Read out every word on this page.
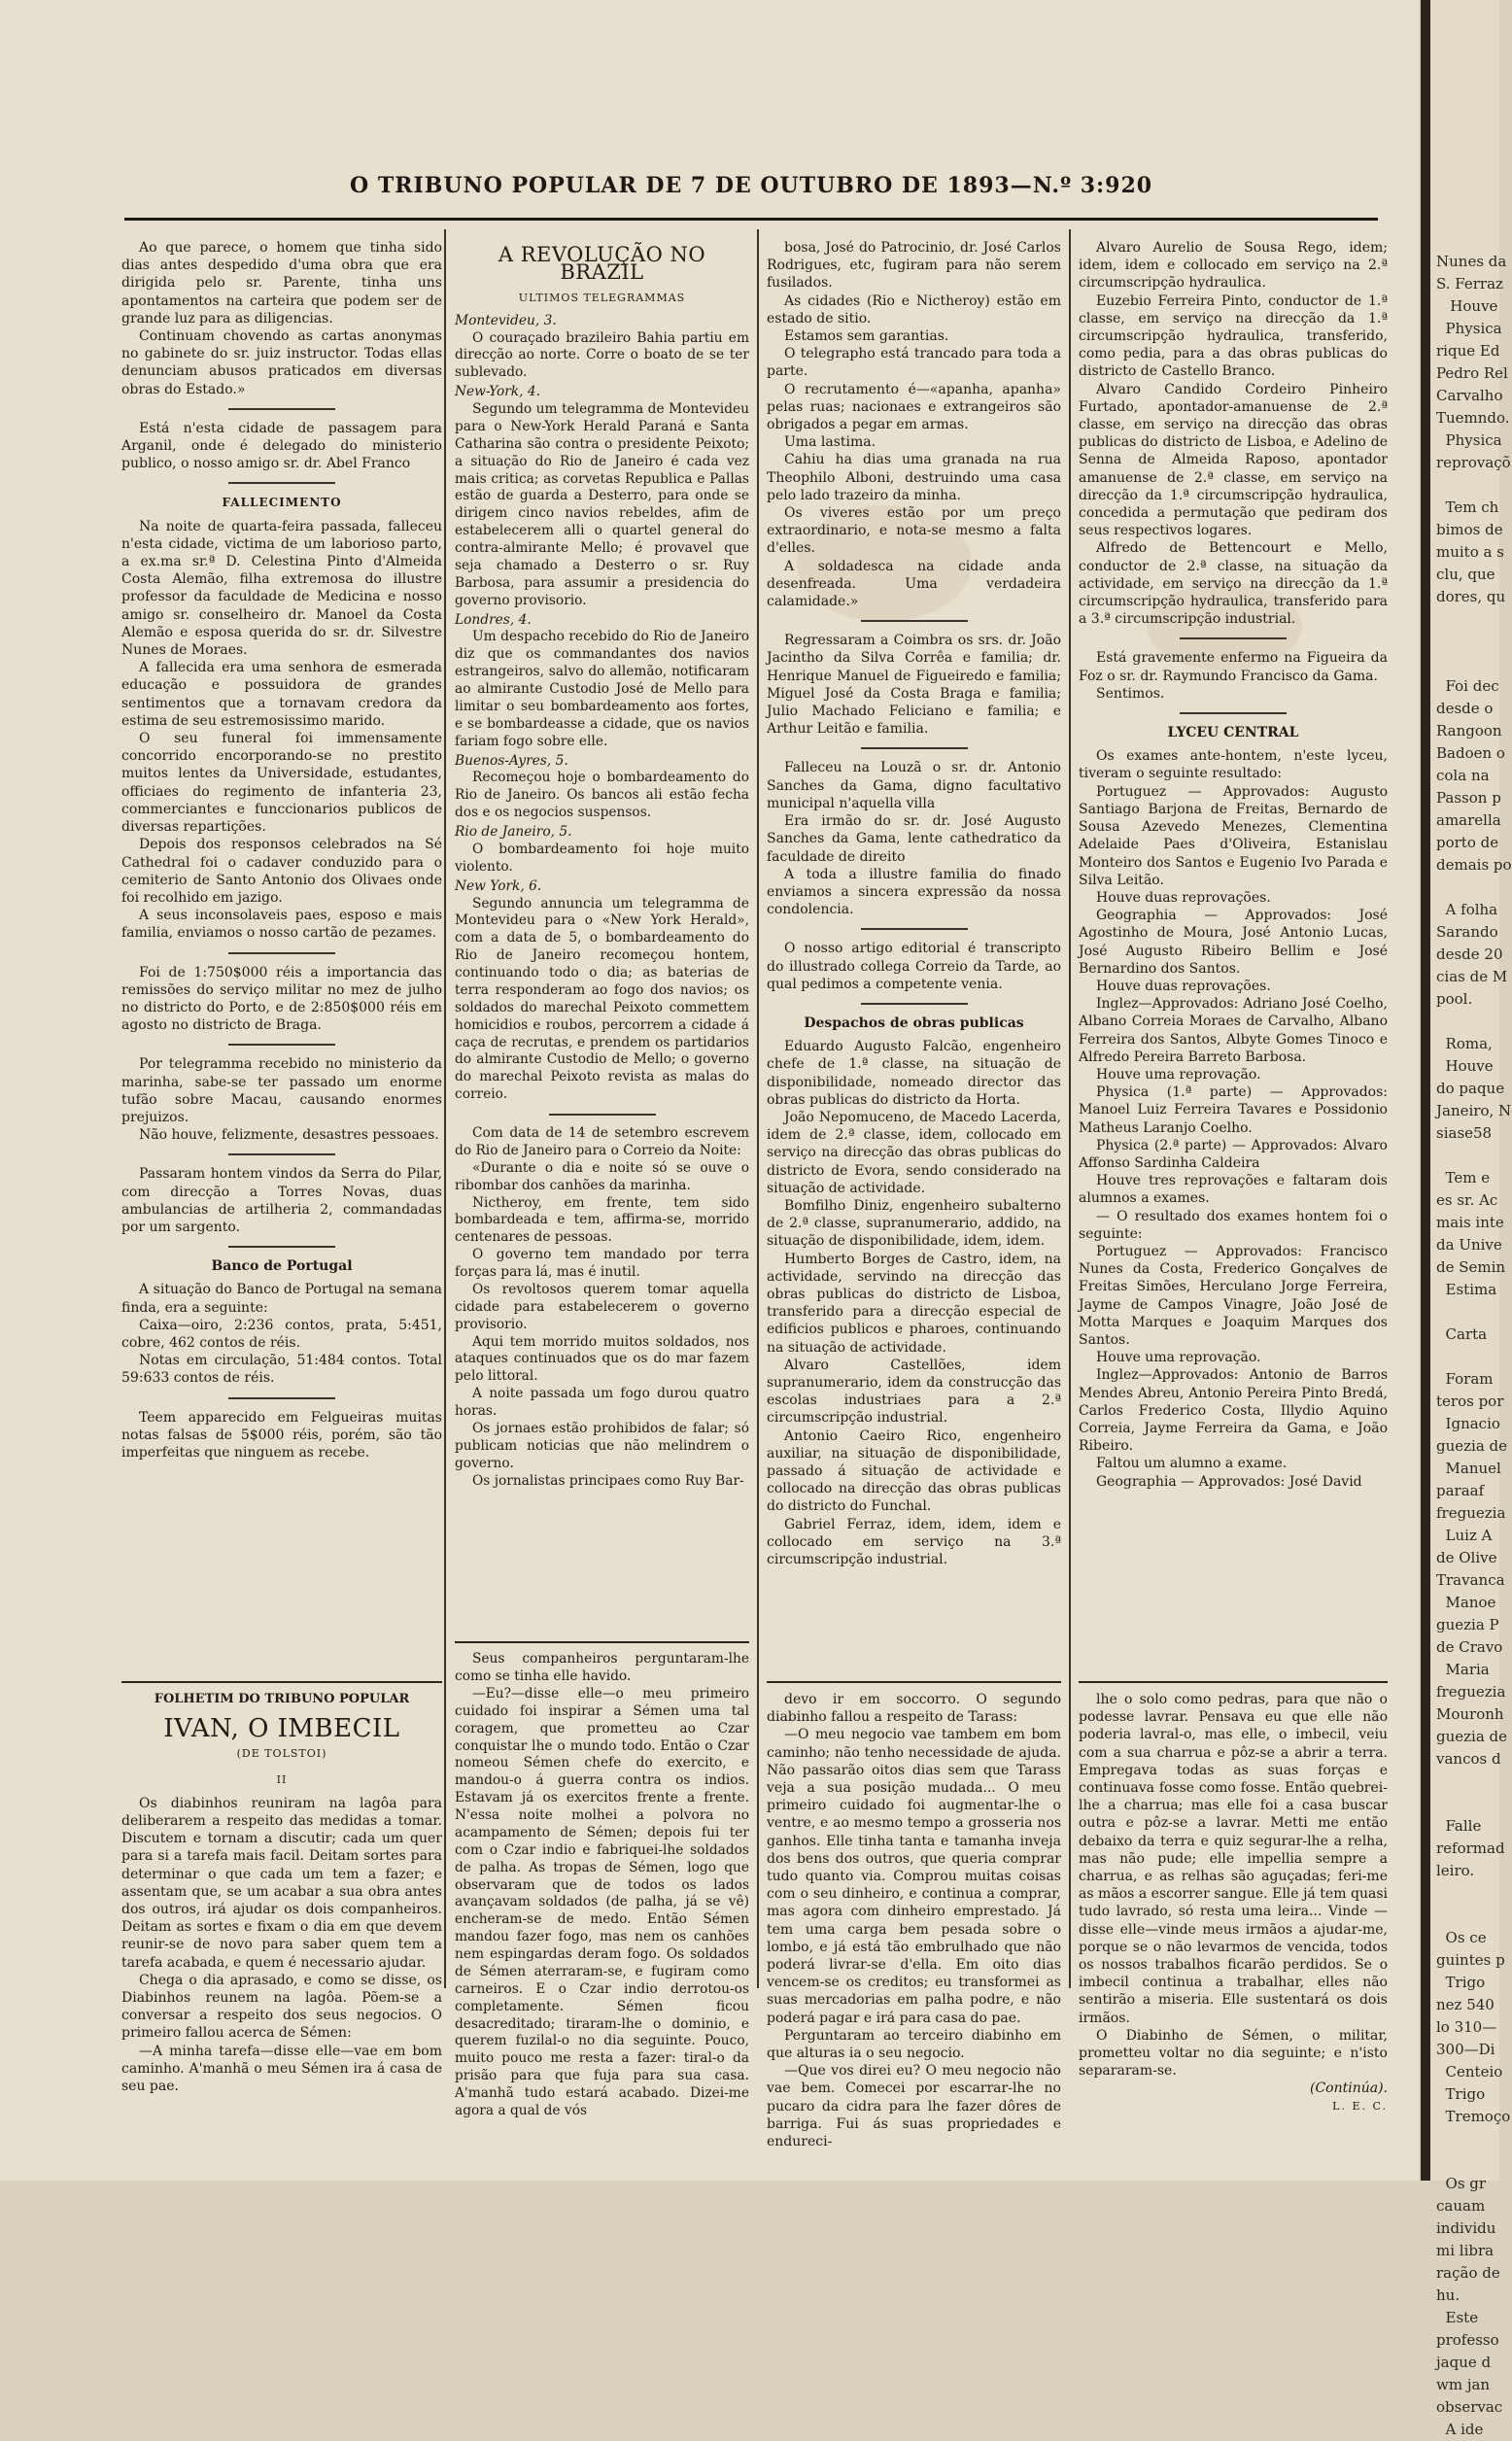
O TRIBUNO POPULAR DE 7 DE OUTUBRO DE 1893—N.º 3:920

Ao que parece, o homem que tinha sido dias antes despedido d'uma obra que era dirigida pelo sr. Parente, tinha uns apontamentos na carteira que podem ser de grande luz para as diligencias.

Continuam chovendo as cartas anonymas no gabinete do sr. juiz instructor. Todas ellas denunciam abusos praticados em diversas obras do Estado.»

Está n'esta cidade de passagem para Arganil, onde é delegado do ministerio publico, o nosso amigo sr. dr. Abel Franco

FALLECIMENTO

Na noite de quarta-feira passada, falleceu n'esta cidade, victima de um laborioso parto, a ex.ma sr.ª D. Celestina Pinto d'Almeida Costa Alemão, filha extremosa do illustre professor da faculdade de Medicina e nosso amigo sr. conselheiro dr. Manoel da Costa Alemão e esposa querida do sr. dr. Silvestre Nunes de Moraes.

A fallecida era uma senhora de esmerada educação e possuidora de grandes sentimentos que a tornavam credora da estima de seu estremosissimo marido.

O seu funeral foi immensamente concorrido encorporando-se no prestito muitos lentes da Universidade, estudantes, officiaes do regimento de infanteria 23, commerciantes e funccionarios publicos de diversas repartições.

Depois dos responsos celebrados na Sé Cathedral foi o cadaver conduzido para o cemiterio de Santo Antonio dos Olivaes onde foi recolhido em jazigo.

A seus inconsolaveis paes, esposo e mais familia, enviamos o nosso cartão de pezames.

Foi de 1:750$000 réis a importancia das remissões do serviço militar no mez de julho no districto do Porto, e de 2:850$000 réis em agosto no districto de Braga.

Por telegramma recebido no ministerio da marinha, sabe-se ter passado um enorme tufão sobre Macau, causando enormes prejuizos.

Não houve, felizmente, desastres pessoaes.

Passaram hontem vindos da Serra do Pilar, com direcção a Torres Novas, duas ambulancias de artilheria 2, commandadas por um sargento.

Banco de Portugal

A situação do Banco de Portugal na semana finda, era a seguinte:

Caixa—oiro, 2:236 contos, prata, 5:451, cobre, 462 contos de réis.

Notas em circulação, 51:484 contos. Total 59:633 contos de réis.

Teem apparecido em Felgueiras muitas notas falsas de 5$000 réis, porém, são tão imperfeitas que ninguem as recebe.

FOLHETIM DO TRIBUNO POPULAR

IVAN, O IMBECIL

(DE TOLSTOI)

II

Os diabinhos reuniram na lagôa para deliberarem a respeito das medidas a tomar. Discutem e tornam a discutir; cada um quer para si a tarefa mais facil. Deitam sortes para determinar o que cada um tem a fazer; e assentam que, se um acabar a sua obra antes dos outros, irá ajudar os dois companheiros. Deitam as sortes e fixam o dia em que devem reunir-se de novo para saber quem tem a tarefa acabada, e quem é necessario ajudar.

Chega o dia aprasado, e como se disse, os Diabinhos reunem na lagôa. Põem-se a conversar a respeito dos seus negocios. O primeiro fallou acerca de Sémen:

—A minha tarefa—disse elle—vae em bom caminho. A'manhã o meu Sémen ira á casa de seu pae.

A REVOLUÇÃO NO BRAZIL

ULTIMOS TELEGRAMMAS

Montevideu, 3.

O couraçado brazileiro Bahia partiu em direcção ao norte. Corre o boato de se ter sublevado.

New-York, 4.

Segundo um telegramma de Montevideu para o New-York Herald Paraná e Santa Catharina são contra o presidente Peixoto; a situação do Rio de Janeiro é cada vez mais critica; as corvetas Republica e Pallas estão de guarda a Desterro, para onde se dirigem cinco navios rebeldes, afim de estabelecerem alli o quartel general do contra-almirante Mello; é provavel que seja chamado a Desterro o sr. Ruy Barbosa, para assumir a presidencia do governo provisorio.

Londres, 4.

Um despacho recebido do Rio de Janeiro diz que os commandantes dos navios estrangeiros, salvo do allemão, notificaram ao almirante Custodio José de Mello para limitar o seu bombardeamento aos fortes, e se bombardeasse a cidade, que os navios fariam fogo sobre elle.

Buenos-Ayres, 5.

Recomeçou hoje o bombardeamento do Rio de Janeiro. Os bancos ali estão fecha dos e os negocios suspensos.

Rio de Janeiro, 5.

O bombardeamento foi hoje muito violento.

New York, 6.

Segundo annuncia um telegramma de Montevideu para o «New York Herald», com a data de 5, o bombardeamento do Rio de Janeiro recomeçou hontem, continuando todo o dia; as baterias de terra responderam ao fogo dos navios; os soldados do marechal Peixoto commettem homicidios e roubos, percorrem a cidade á caça de recrutas, e prendem os partidarios do almirante Custodio de Mello; o governo do marechal Peixoto revista as malas do correio.

Com data de 14 de setembro escrevem do Rio de Janeiro para o Correio da Noite:

«Durante o dia e noite só se ouve o ribombar dos canhões da marinha.

Nictheroy, em frente, tem sido bombardeada e tem, affirma-se, morrido centenares de pessoas.

O governo tem mandado por terra forças para lá, mas é inutil.

Os revoltosos querem tomar aquella cidade para estabelecerem o governo provisorio.

Aqui tem morrido muitos soldados, nos ataques continuados que os do mar fazem pelo littoral.

A noite passada um fogo durou quatro horas.

Os jornaes estão prohibidos de falar; só publicam noticias que não melindrem o governo.

Os jornalistas principaes como Ruy Bar-

Seus companheiros perguntaram-lhe como se tinha elle havido.

—Eu?—disse elle—o meu primeiro cuidado foi inspirar a Sémen uma tal coragem, que prometteu ao Czar conquistar lhe o mundo todo. Então o Czar nomeou Sémen chefe do exercito, e mandou-o á guerra contra os indios. Estavam já os exercitos frente a frente. N'essa noite molhei a polvora no acampamento de Sémen; depois fui ter com o Czar indio e fabriquei-lhe soldados de palha. As tropas de Sémen, logo que observaram que de todos os lados avançavam soldados (de palha, já se vê) encheram-se de medo. Então Sémen mandou fazer fogo, mas nem os canhões nem espingardas deram fogo. Os soldados de Sémen aterraram-se, e fugiram como carneiros. E o Czar indio derrotou-os completamente. Sémen ficou desacreditado; tiraram-lhe o dominio, e querem fuzilal-o no dia seguinte. Pouco, muito pouco me resta a fazer: tiral-o da prisão para que fuja para sua casa. A'manhã tudo estará acabado. Dizei-me agora a qual de vós

bosa, José do Patrocinio, dr. José Carlos Rodrigues, etc, fugiram para não serem fusilados.

As cidades (Rio e Nictheroy) estão em estado de sitio.

Estamos sem garantias.

O telegrapho está trancado para toda a parte.

O recrutamento é—«apanha, apanha» pelas ruas; nacionaes e extrangeiros são obrigados a pegar em armas.

Uma lastima.

Cahiu ha dias uma granada na rua Theophilo Alboni, destruindo uma casa pelo lado trazeiro da minha.

Os viveres estão por um preço extraordinario, e nota-se mesmo a falta d'elles.

A soldadesca na cidade anda desenfreada. Uma verdadeira calamidade.»

Regressaram a Coimbra os srs. dr. João Jacintho da Silva Corrêa e familia; dr. Henrique Manuel de Figueiredo e familia; Miguel José da Costa Braga e familia; Julio Machado Feliciano e familia; e Arthur Leitão e familia.

Falleceu na Louzã o sr. dr. Antonio Sanches da Gama, digno facultativo municipal n'aquella villa

Era irmão do sr. dr. José Augusto Sanches da Gama, lente cathedratico da faculdade de direito

A toda a illustre familia do finado enviamos a sincera expressão da nossa condolencia.

O nosso artigo editorial é transcripto do illustrado collega Correio da Tarde, ao qual pedimos a competente venia.

Despachos de obras publicas

Eduardo Augusto Falcão, engenheiro chefe de 1.ª classe, na situação de disponibilidade, nomeado director das obras publicas do districto da Horta.

João Nepomuceno, de Macedo Lacerda, idem de 2.ª classe, idem, collocado em serviço na direcção das obras publicas do districto de Evora, sendo considerado na situação de actividade.

Bomfilho Diniz, engenheiro subalterno de 2.ª classe, supranumerario, addido, na situação de disponibilidade, idem, idem.

Humberto Borges de Castro, idem, na actividade, servindo na direcção das obras publicas do districto de Lisboa, transferido para a direcção especial de edificios publicos e pharoes, continuando na situação de actividade.

Alvaro Castellões, idem supranumerario, idem da construcção das escolas industriaes para a 2.ª circumscripção industrial.

Antonio Caeiro Rico, engenheiro auxiliar, na situação de disponibilidade, passado á situação de actividade e collocado na direcção das obras publicas do districto do Funchal.

Gabriel Ferraz, idem, idem, idem e collocado em serviço na 3.ª circumscripção industrial.

devo ir em soccorro. O segundo diabinho fallou a respeito de Tarass:

—O meu negocio vae tambem em bom caminho; não tenho necessidade de ajuda. Não passarão oitos dias sem que Tarass veja a sua posição mudada... O meu primeiro cuidado foi augmentar-lhe o ventre, e ao mesmo tempo a grosseria nos ganhos. Elle tinha tanta e tamanha inveja dos bens dos outros, que queria comprar tudo quanto via. Comprou muitas coisas com o seu dinheiro, e continua a comprar, mas agora com dinheiro emprestado. Já tem uma carga bem pesada sobre o lombo, e já está tão embrulhado que não poderá livrar-se d'ella. Em oito dias vencem-se os creditos; eu transformei as suas mercadorias em palha podre, e não poderá pagar e irá para casa do pae.

Perguntaram ao terceiro diabinho em que alturas ia o seu negocio.

—Que vos direi eu? O meu negocio não vae bem. Comecei por escarrar-lhe no pucaro da cidra para lhe fazer dôres de barriga. Fui ás suas propriedades e endureci-

Alvaro Aurelio de Sousa Rego, idem; idem, idem e collocado em serviço na 2.ª circumscripção hydraulica.

Euzebio Ferreira Pinto, conductor de 1.ª classe, em serviço na direcção da 1.ª circumscripção hydraulica, transferido, como pedia, para a das obras publicas do districto de Castello Branco.

Alvaro Candido Cordeiro Pinheiro Furtado, apontador-amanuense de 2.ª classe, em serviço na direcção das obras publicas do districto de Lisboa, e Adelino de Senna de Almeida Raposo, apontador amanuense de 2.ª classe, em serviço na direcção da 1.ª circumscripção hydraulica, concedida a permutação que pediram dos seus respectivos logares.

Alfredo de Bettencourt e Mello, conductor de 2.ª classe, na situação da actividade, em serviço na direcção da 1.ª circumscripção hydraulica, transferido para a 3.ª circumscripção industrial.

Está gravemente enfermo na Figueira da Foz o sr. dr. Raymundo Francisco da Gama.

Sentimos.

LYCEU CENTRAL

Os exames ante-hontem, n'este lyceu, tiveram o seguinte resultado:

Portuguez — Approvados: Augusto Santiago Barjona de Freitas, Bernardo de Sousa Azevedo Menezes, Clementina Adelaide Paes d'Oliveira, Estanislau Monteiro dos Santos e Eugenio Ivo Parada e Silva Leitão.

Houve duas reprovações.

Geographia — Approvados: José Agostinho de Moura, José Antonio Lucas, José Augusto Ribeiro Bellim e José Bernardino dos Santos.

Houve duas reprovações.

Inglez—Approvados: Adriano José Coelho, Albano Correia Moraes de Carvalho, Albano Ferreira dos Santos, Albyte Gomes Tinoco e Alfredo Pereira Barreto Barbosa.

Houve uma reprovação.

Physica (1.ª parte) — Approvados: Manoel Luiz Ferreira Tavares e Possidonio Matheus Laranjo Coelho.

Physica (2.ª parte) — Approvados: Alvaro Affonso Sardinha Caldeira

Houve tres reprovações e faltaram dois alumnos a exames.

— O resultado dos exames hontem foi o seguinte:

Portuguez — Approvados: Francisco Nunes da Costa, Frederico Gonçalves de Freitas Simões, Herculano Jorge Ferreira, Jayme de Campos Vinagre, João José de Motta Marques e Joaquim Marques dos Santos.

Houve uma reprovação.

Inglez—Approvados: Antonio de Barros Mendes Abreu, Antonio Pereira Pinto Bredá, Carlos Frederico Costa, Illydio Aquino Correia, Jayme Ferreira da Gama, e João Ribeiro.

Faltou um alumno a exame.

Geographia — Approvados: José David

lhe o solo como pedras, para que não o podesse lavrar. Pensava eu que elle não poderia lavral-o, mas elle, o imbecil, veiu com a sua charrua e pôz-se a abrir a terra. Empregava todas as suas forças e continuava fosse como fosse. Então quebrei-lhe a charrua; mas elle foi a casa buscar outra e pôz-se a lavrar. Metti me então debaixo da terra e quiz segurar-lhe a relha, mas não pude; elle impellia sempre a charrua, e as relhas são aguçadas; feri-me as mãos a escorrer sangue. Elle já tem quasi tudo lavrado, só resta uma leira... Vinde —disse elle—vinde meus irmãos a ajudar-me, porque se o não levarmos de vencida, todos os nossos trabalhos ficarão perdidos. Se o imbecil continua a trabalhar, elles não sentirão a miseria. Elle sustentará os dois irmãos.

O Diabinho de Sémen, o militar, prometteu voltar no dia seguinte; e n'isto separaram-se.

(Continúa).

L. E. C.

Nunes da
S. Ferraz
Houve
Physica
rique Ed
Pedro Rel
Carvalho
Tuemndo.
Physica
reprovaçõ

Tem ch
bimos de
muito a s
clu, que
dores, qu

Foi dec
desde o
Rangoon
Badoen o
cola na
Passon p
amarella
porto de
demais po

A folha
Sarando
desde 20
cias de M
pool.

Roma,
Houve
do paque
Janeiro, N
siase58

Tem e
es sr. Ac
mais inte
da Unive
de Semin
Estima

Carta

Foram
teros por
Ignacio
guezia de
Manuel
paraaf
freguezia
Luiz A
de Olive
Travanca
Manoe
guezia P
de Cravo
Maria
freguezia
Mouronh
guezia de
vancos d

Falle
reformad
leiro.

Os ce
guintes p
Trigo
nez 540
lo 310—
300—Di
Centeio
Trigo
Tremoço

Os gr
cauam
individu
mi libra
ração de
hu.
Este
professo
jaque d
wm jan
observac
A ide
